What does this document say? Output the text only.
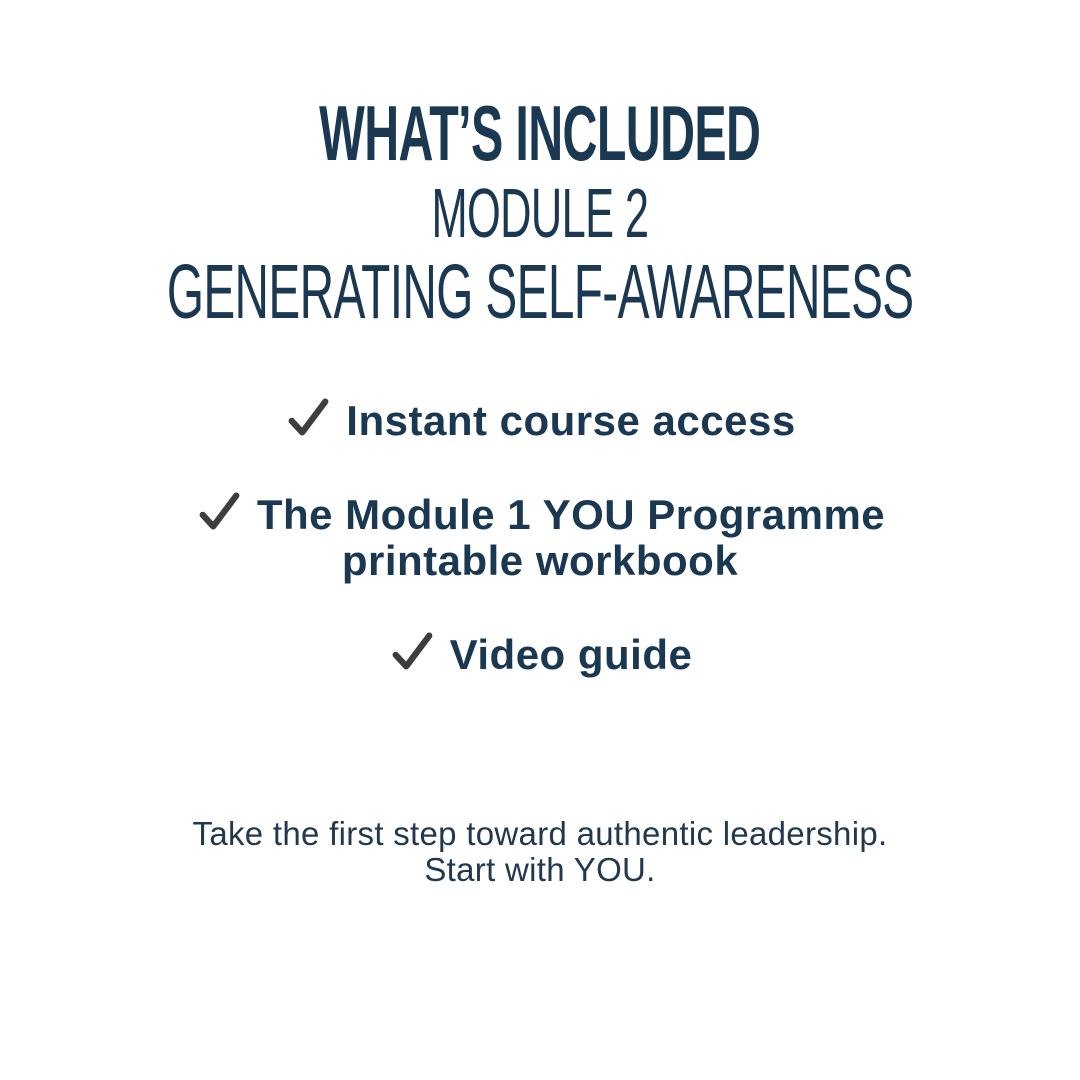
WHAT’S INCLUDED
MODULE 2
GENERATING SELF-AWARENESS
Instant course access
The Module 1 YOU Programme printable workbook
Video guide
Take the first step toward authentic leadership.
Start with YOU.
